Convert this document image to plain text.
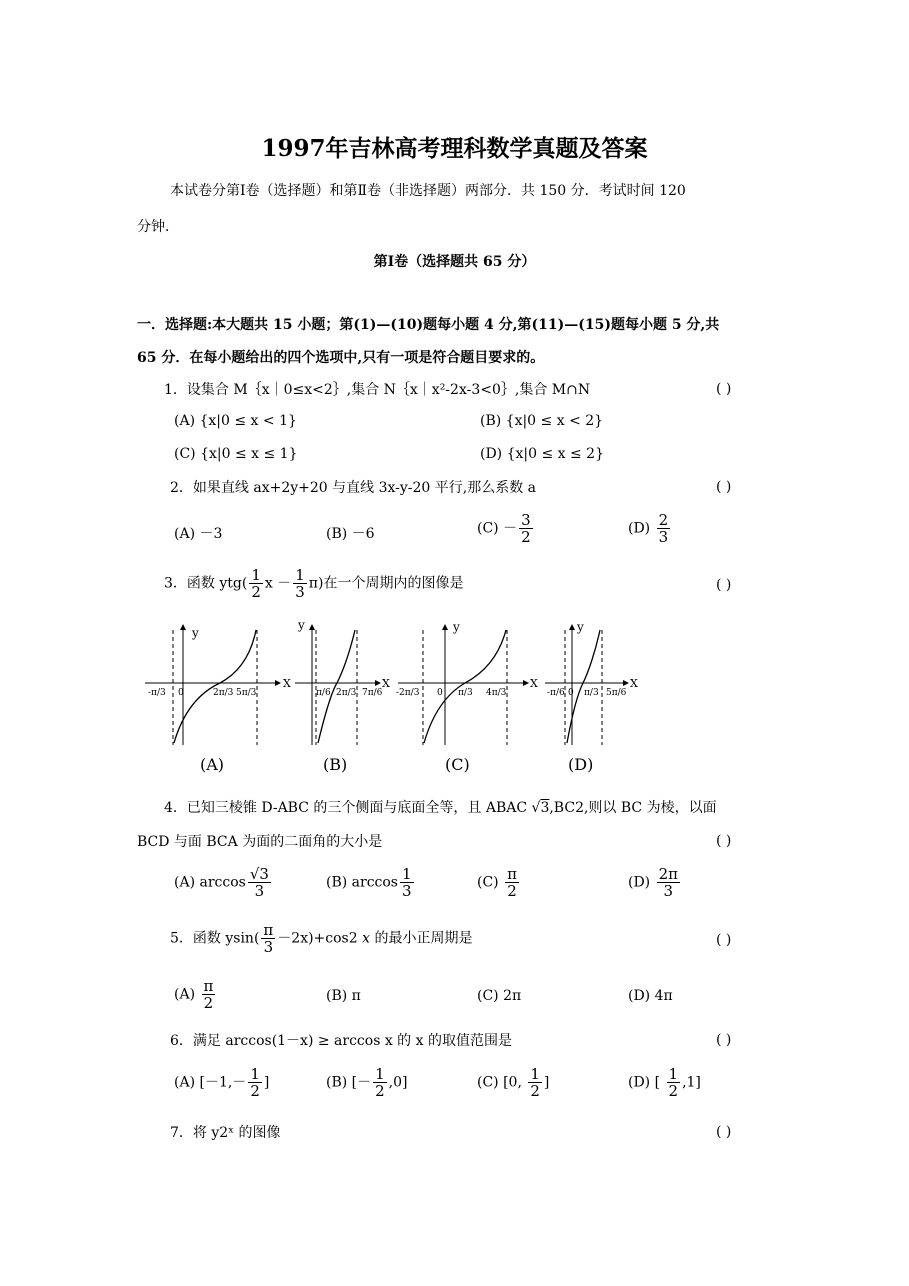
1997年吉林高考理科数学真题及答案
本试卷分第Ⅰ卷（选择题）和第Ⅱ卷（非选择题）两部分．共 150 分．考试时间 120
分钟．
第Ⅰ卷（选择题共 65 分）
一．选择题:本大题共 15 小题；第(1)—(10)题每小题 4 分,第(11)—(15)题每小题 5 分,共
65 分．在每小题给出的四个选项中,只有一项是符合题目要求的。
1．设集合 M｛x｜0≤x<2｝,集合 N｛x｜x²-2x-3<0｝,集合 M∩N	( )
(A) {x|0 ≤ x < 1}	(B) {x|0 ≤ x < 2}
(C) {x|0 ≤ x ≤ 1}	(D) {x|0 ≤ x ≤ 2}
2．如果直线 ax+2y+20 与直线 3x-y-20 平行,那么系数 a	( )
(A) －3	(B) －6	$(C) - \frac{3}{2}$	$(D) \frac{2}{3}$
3．函数 $ytg( \frac{1}{2}$ $x - \frac{1}{3} \pi$)在一个周期内的图像是	( )
y
X
-π/3 0	2π/3 5π/3
(A)
y
X
π/6 2π/3 7π/6
(B)
y
X
-2π/3 0 π/3 4π/3
(C)
y
X
-π/6 0 π/3 5π/6
(D)
4．已知三棱锥 D-ABC 的三个侧面与底面全等，且 ABAC √3,BC2,则以 BC 为棱，以面
BCD 与面 BCA 为面的二面角的大小是	( )
(A) $\arccos \frac{√3}{3}$	(B) $\arccos \frac{1}{3}$	$(C) \frac{\pi}{2}$	$(D) \frac{2\pi}{3}$
5．函数 $ysin( \frac{\pi}{3} -2x)+\cos 2$ x 的最小正周期是	( )
$(A) \frac{\pi}{2}$	(B) π	(C) 2π	(D) 4π
6．满足 arccos(1－x) ≥ arccos x 的 x 的取值范围是	( )
(A) [$-1,- \frac{1}{2}$ ]	(B) [－ $\frac{1}{2} ,0$]	(C) [0, $\frac{1}{2}$ ]	(D) [ $\frac{1}{2} ,1$]
7．将 y2ˣ 的图像	( )
